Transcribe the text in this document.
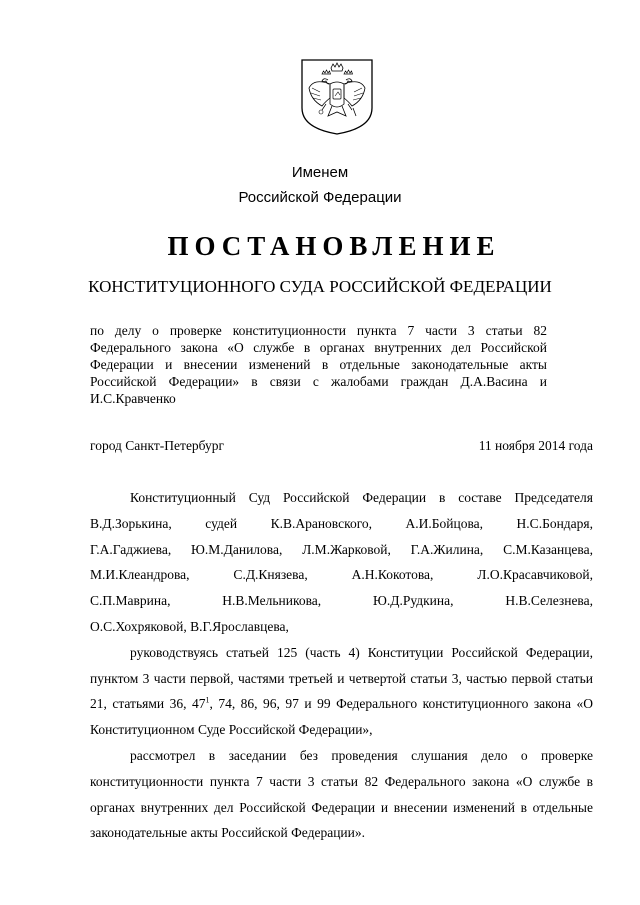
Именем
Российской Федерации
ПОСТАНОВЛЕНИЕ
КОНСТИТУЦИОННОГО СУДА РОССИЙСКОЙ ФЕДЕРАЦИИ
по делу о проверке конституционности пункта 7 части 3 статьи 82 Федерального закона «О службе в органах внутренних дел Российской Федерации и внесении изменений в отдельные законодательные акты Российской Федерации» в связи с жалобами граждан Д.А.Васина и И.С.Кравченко
город Санкт-Петербург	11 ноября 2014 года

Конституционный Суд Российской Федерации в составе Председателя

В.Д.Зорькина, судей К.В.Арановского, А.И.Бойцова, Н.С.Бондаря,

Г.А.Гаджиева, Ю.М.Данилова, Л.М.Жарковой, Г.А.Жилина, С.М.Казанцева,

М.И.Клеандрова, С.Д.Князева, А.Н.Кокотова, Л.О.Красавчиковой,

С.П.Маврина, Н.В.Мельникова, Ю.Д.Рудкина, Н.В.Селезнева,

О.С.Хохряковой, В.Г.Ярославцева,

руководствуясь статьей 125 (часть 4) Конституции Российской Федерации, пунктом 3 части первой, частями третьей и четвертой статьи 3, частью первой статьи 21, статьями 36, $47^1$, 74, 86, 96, 97 и 99 Федерального конституционного закона «О Конституционном Суде Российской Федерации»,

рассмотрел в заседании без проведения слушания дело о проверке конституционности пункта 7 части 3 статьи 82 Федерального закона «О службе в органах внутренних дел Российской Федерации и внесении изменений в отдельные законодательные акты Российской Федерации».
